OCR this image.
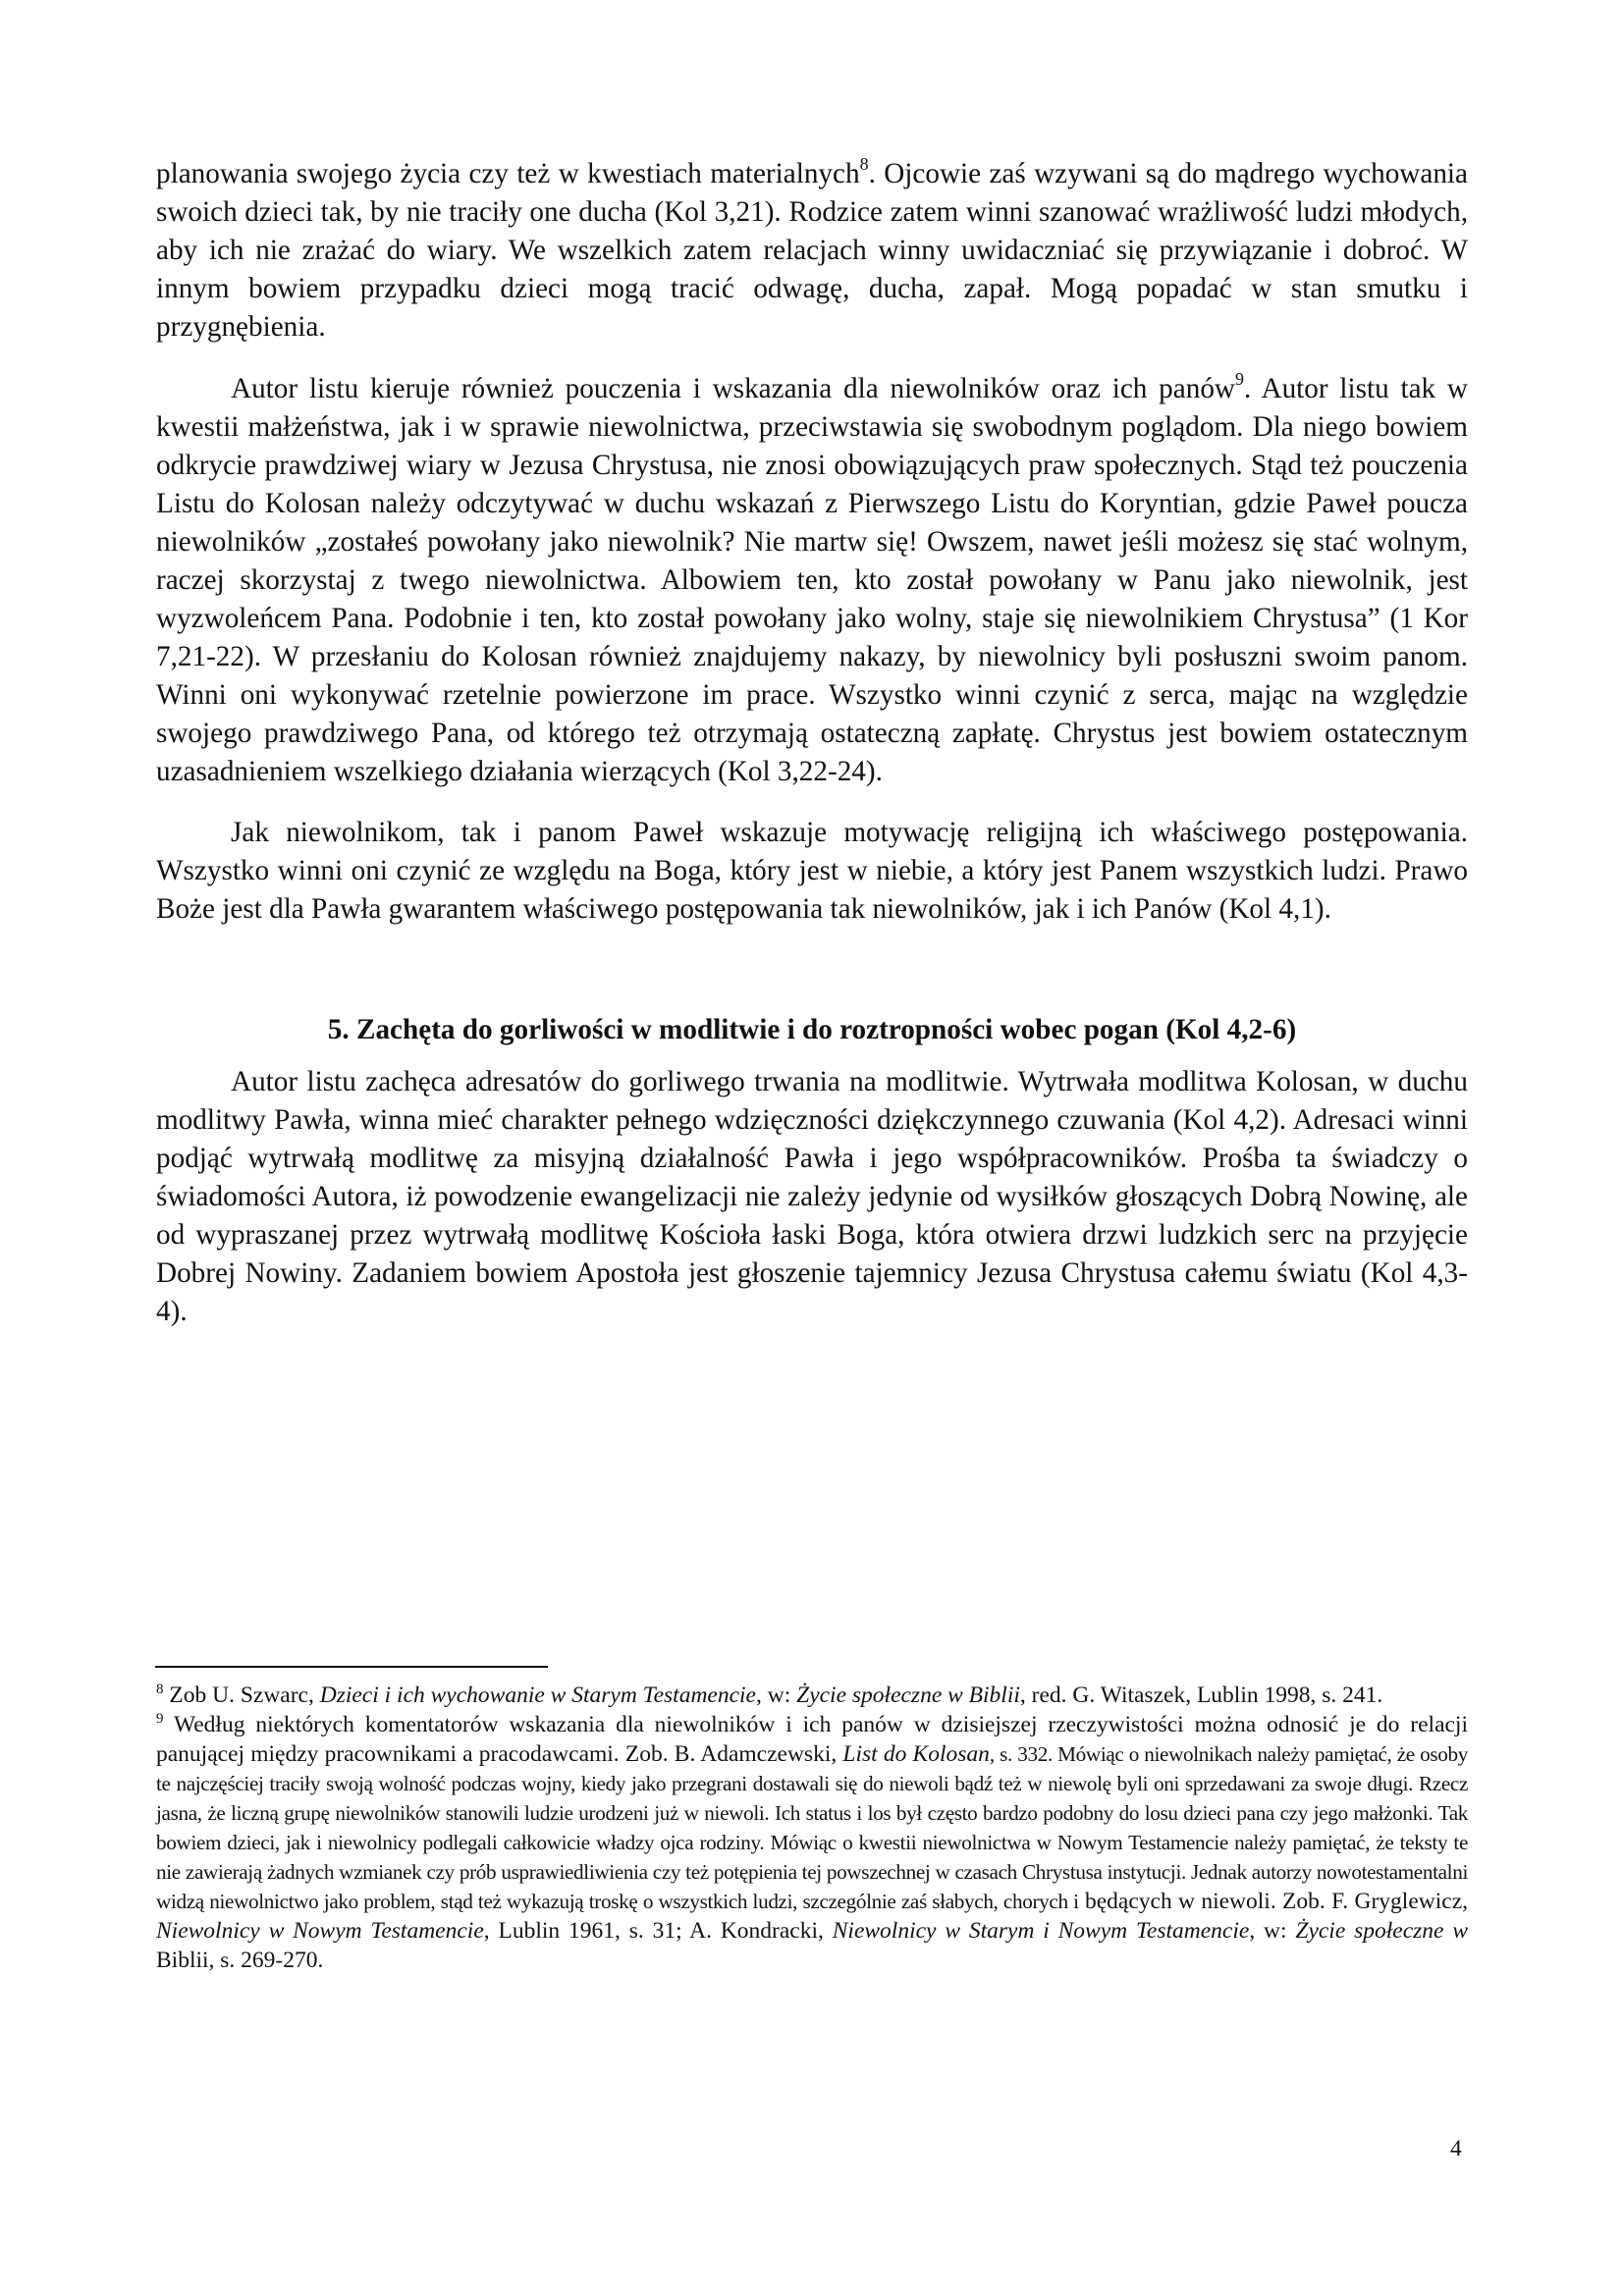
planowania swojego życia czy też w kwestiach materialnych$^8$. Ojcowie zaś wzywani są do mądrego wychowania swoich dzieci tak, by nie traciły one ducha (Kol 3,21). Rodzice zatem winni szanować wrażliwość ludzi młodych, aby ich nie zrażać do wiary. We wszelkich zatem relacjach winny uwidaczniać się przywiązanie i dobroć. W innym bowiem przypadku dzieci mogą tracić odwagę, ducha, zapał. Mogą popadać w stan smutku i przygnębienia.

Autor listu kieruje również pouczenia i wskazania dla niewolników oraz ich panów$^9$. Autor listu tak w kwestii małżeństwa, jak i w sprawie niewolnictwa, przeciwstawia się swobodnym poglądom. Dla niego bowiem odkrycie prawdziwej wiary w Jezusa Chrystusa, nie znosi obowiązujących praw społecznych. Stąd też pouczenia Listu do Kolosan należy odczytywać w duchu wskazań z Pierwszego Listu do Koryntian, gdzie Paweł poucza niewolników „zostałeś powołany jako niewolnik? Nie martw się! Owszem, nawet jeśli możesz się stać wolnym, raczej skorzystaj z twego niewolnictwa. Albowiem ten, kto został powołany w Panu jako niewolnik, jest wyzwoleńcem Pana. Podobnie i ten, kto został powołany jako wolny, staje się niewolnikiem Chrystusa” (1 Kor 7,21-22). W przesłaniu do Kolosan również znajdujemy nakazy, by niewolnicy byli posłuszni swoim panom. Winni oni wykonywać rzetelnie powierzone im prace. Wszystko winni czynić z serca, mając na względzie swojego prawdziwego Pana, od którego też otrzymają ostateczną zapłatę. Chrystus jest bowiem ostatecznym uzasadnieniem wszelkiego działania wierzących (Kol 3,22-24).

Jak niewolnikom, tak i panom Paweł wskazuje motywację religijną ich właściwego postępowania. Wszystko winni oni czynić ze względu na Boga, który jest w niebie, a który jest Panem wszystkich ludzi. Prawo Boże jest dla Pawła gwarantem właściwego postępowania tak niewolników, jak i ich Panów (Kol 4,1).

5. Zachęta do gorliwości w modlitwie i do roztropności wobec pogan (Kol 4,2-6)

Autor listu zachęca adresatów do gorliwego trwania na modlitwie. Wytrwała modlitwa Kolosan, w duchu modlitwy Pawła, winna mieć charakter pełnego wdzięczności dziękczynnego czuwania (Kol 4,2). Adresaci winni podjąć wytrwałą modlitwę za misyjną działalność Pawła i jego współpracowników. Prośba ta świadczy o świadomości Autora, iż powodzenie ewangelizacji nie zależy jedynie od wysiłków głoszących Dobrą Nowinę, ale od wypraszanej przez wytrwałą modlitwę Kościoła łaski Boga, która otwiera drzwi ludzkich serc na przyjęcie Dobrej Nowiny. Zadaniem bowiem Apostoła jest głoszenie tajemnicy Jezusa Chrystusa całemu światu (Kol 4,3-4).

$^8$ Zob U. Szwarc, Dzieci i ich wychowanie w Starym Testamencie, w: Życie społeczne w Biblii, red. G. Witaszek, Lublin 1998, s. 241.

$^9$ Według niektórych komentatorów wskazania dla niewolników i ich panów w dzisiejszej rzeczywistości można odnosić je do relacji panującej między pracownikami a pracodawcami. Zob. B. Adamczewski, List do Kolosan, s. 332. Mówiąc o niewolnikach należy pamiętać, że osoby te najczęściej traciły swoją wolność podczas wojny, kiedy jako przegrani dostawali się do niewoli bądź też w niewolę byli oni sprzedawani za swoje długi. Rzecz jasna, że liczną grupę niewolników stanowili ludzie urodzeni już w niewoli. Ich status i los był często bardzo podobny do losu dzieci pana czy jego małżonki. Tak bowiem dzieci, jak i niewolnicy podlegali całkowicie władzy ojca rodziny. Mówiąc o kwestii niewolnictwa w Nowym Testamencie należy pamiętać, że teksty te nie zawierają żadnych wzmianek czy prób usprawiedliwienia czy też potępienia tej powszechnej w czasach Chrystusa instytucji. Jednak autorzy nowotestamentalni widzą niewolnictwo jako problem, stąd też wykazują troskę o wszystkich ludzi, szczególnie zaś słabych, chorych i będących w niewoli. Zob. F. Gryglewicz, Niewolnicy w Nowym Testamencie, Lublin 1961, s. 31; A. Kondracki, Niewolnicy w Starym i Nowym Testamencie, w: Życie społeczne w Biblii, s. 269-270.

4
